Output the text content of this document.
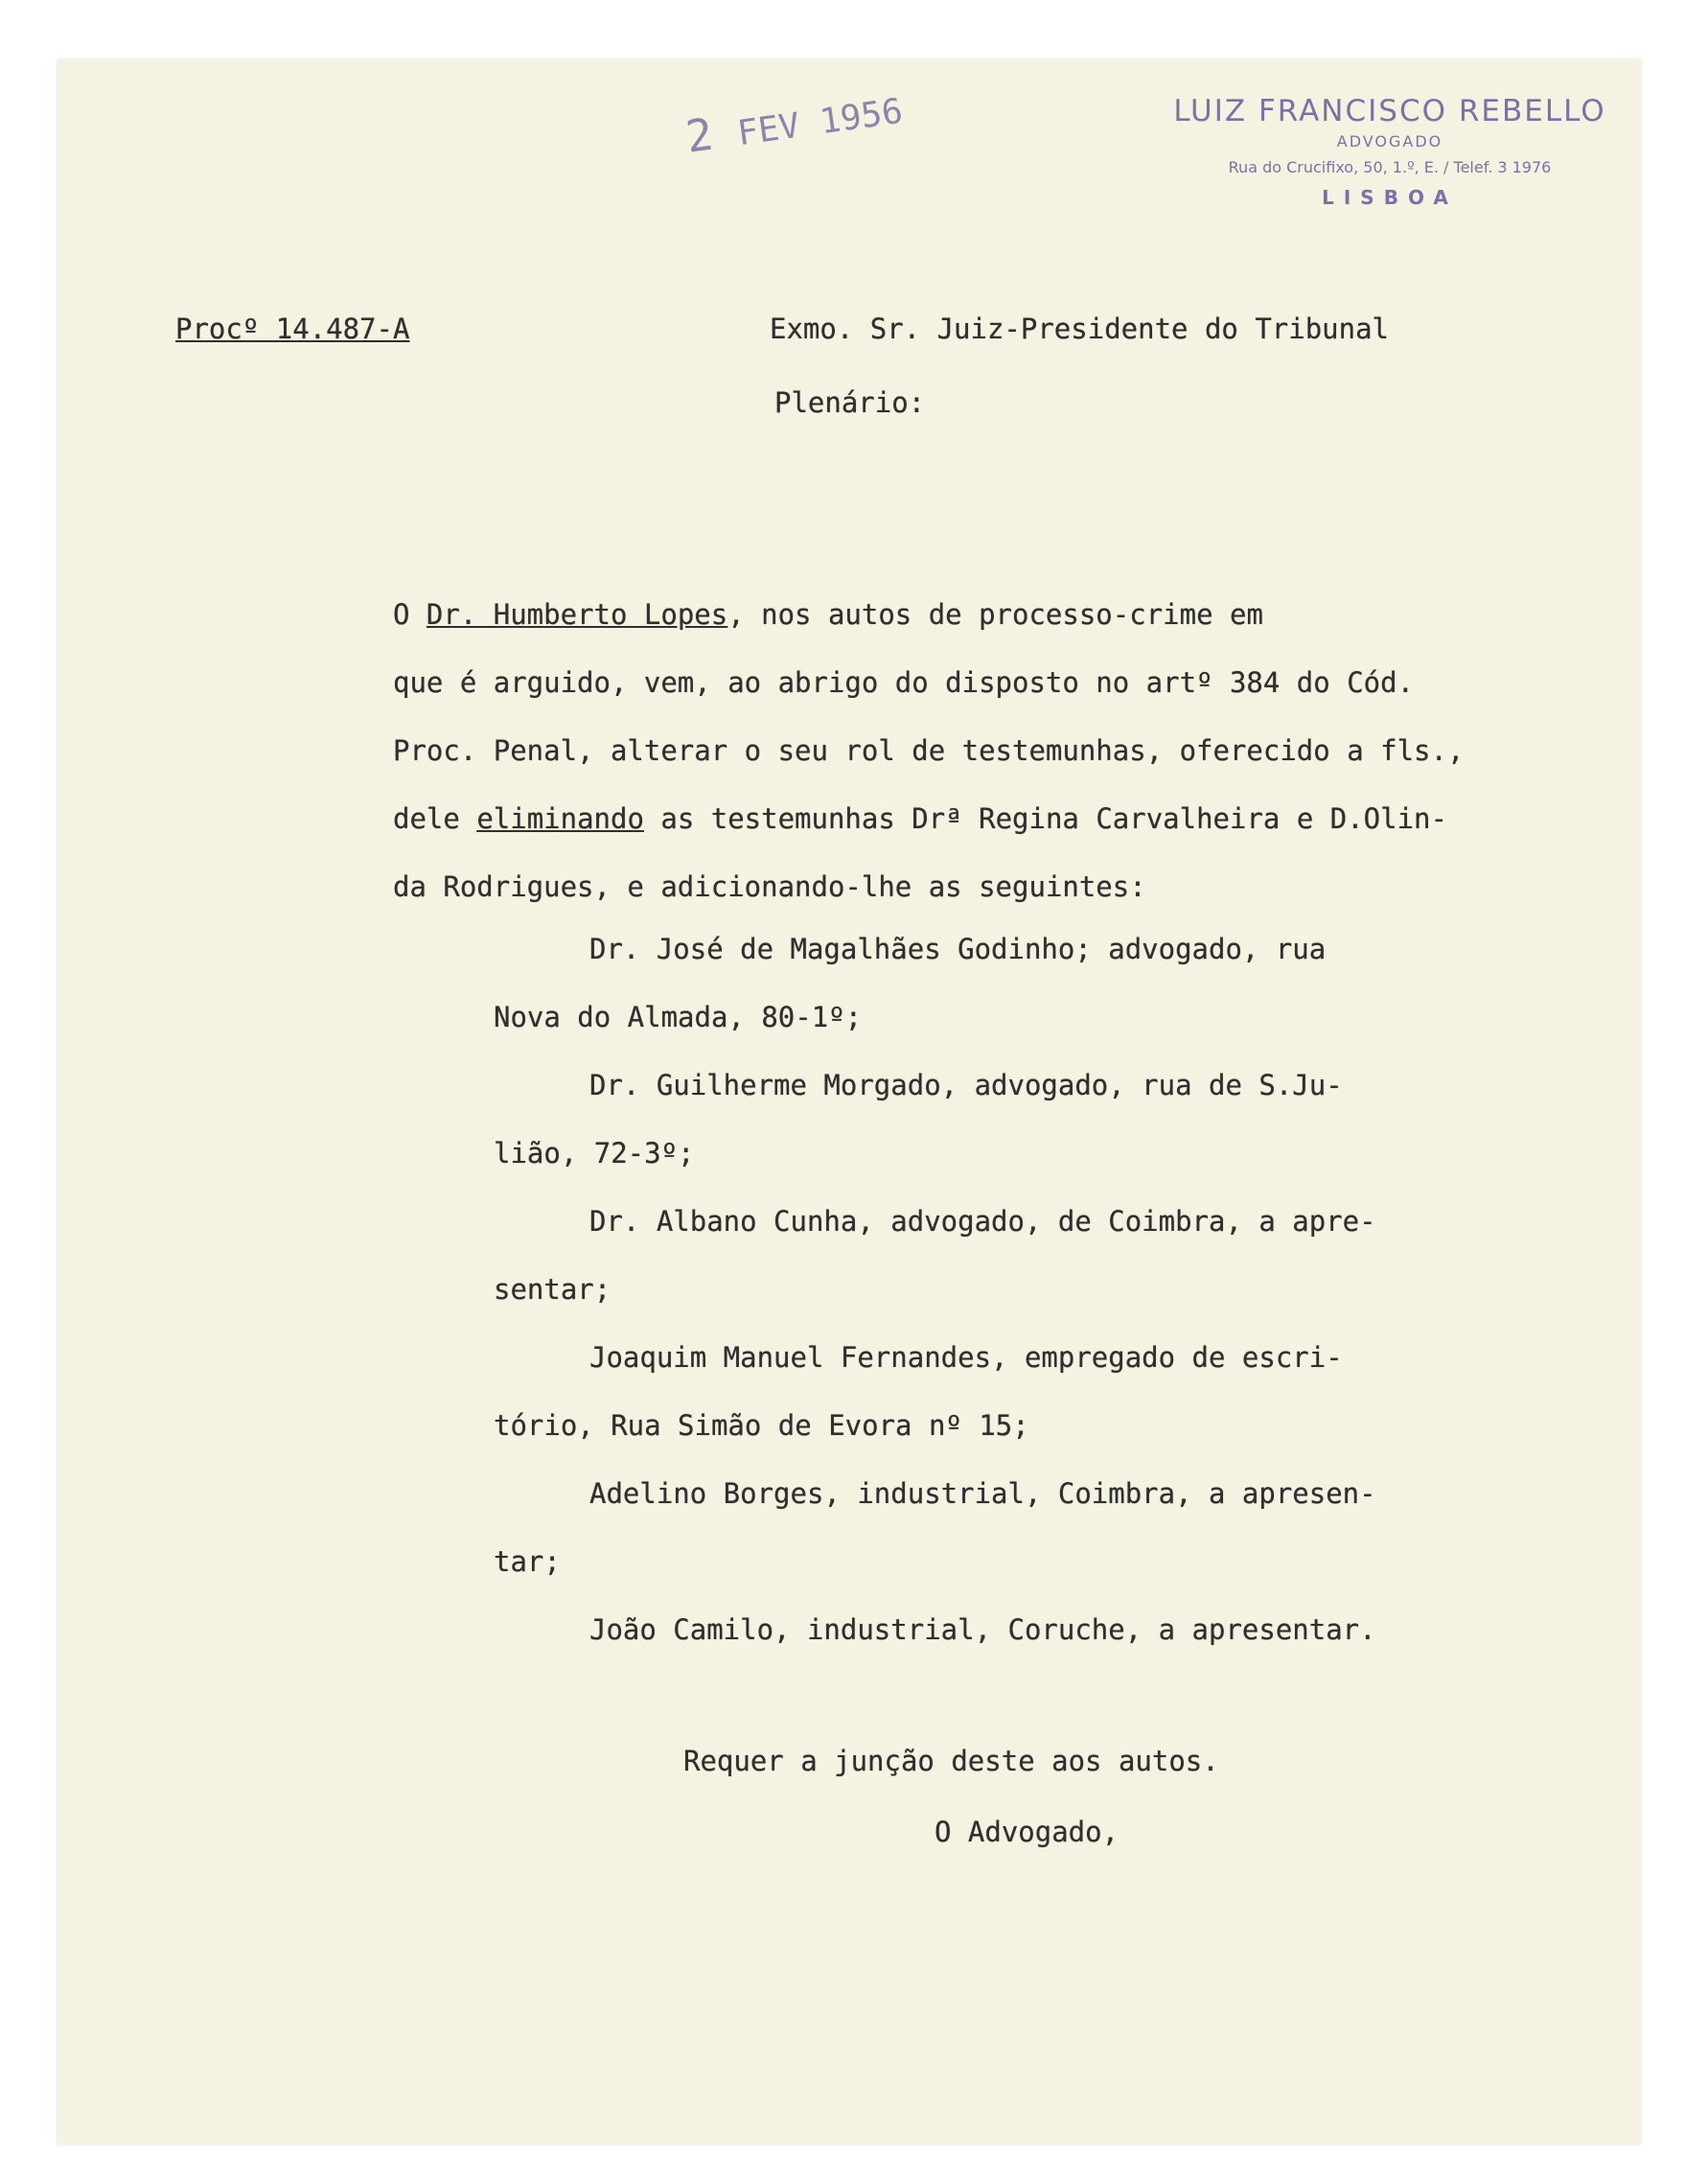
LUIZ FRANCISCO REBELLO
ADVOGADO
Rua do Crucifixo, 50, 1.º, E. / Telef. 3 1976
LISBOA
2 FEV 1956
Procº 14.487-A	Exmo. Sr. Juiz-Presidente do Tribunal
Plenário:
O Dr. Humberto Lopes, nos autos de processo-crime em
que é arguido, vem, ao abrigo do disposto no artº 384 do Cód.
Proc. Penal, alterar o seu rol de testemunhas, oferecido a fls.,
dele eliminando as testemunhas Drª Regina Carvalheira e D.Olin-
da Rodrigues, e adicionando-lhe as seguintes:
Dr. José de Magalhães Godinho; advogado, rua
Nova do Almada, 80-1º;
Dr. Guilherme Morgado, advogado, rua de S.Ju-
lião, 72-3º;
Dr. Albano Cunha, advogado, de Coimbra, a apre-
sentar;
Joaquim Manuel Fernandes, empregado de escri-
tório, Rua Simão de Evora nº 15;
Adelino Borges, industrial, Coimbra, a apresen-
tar;
João Camilo, industrial, Coruche, a apresentar.
Requer a junção deste aos autos.
O Advogado,
